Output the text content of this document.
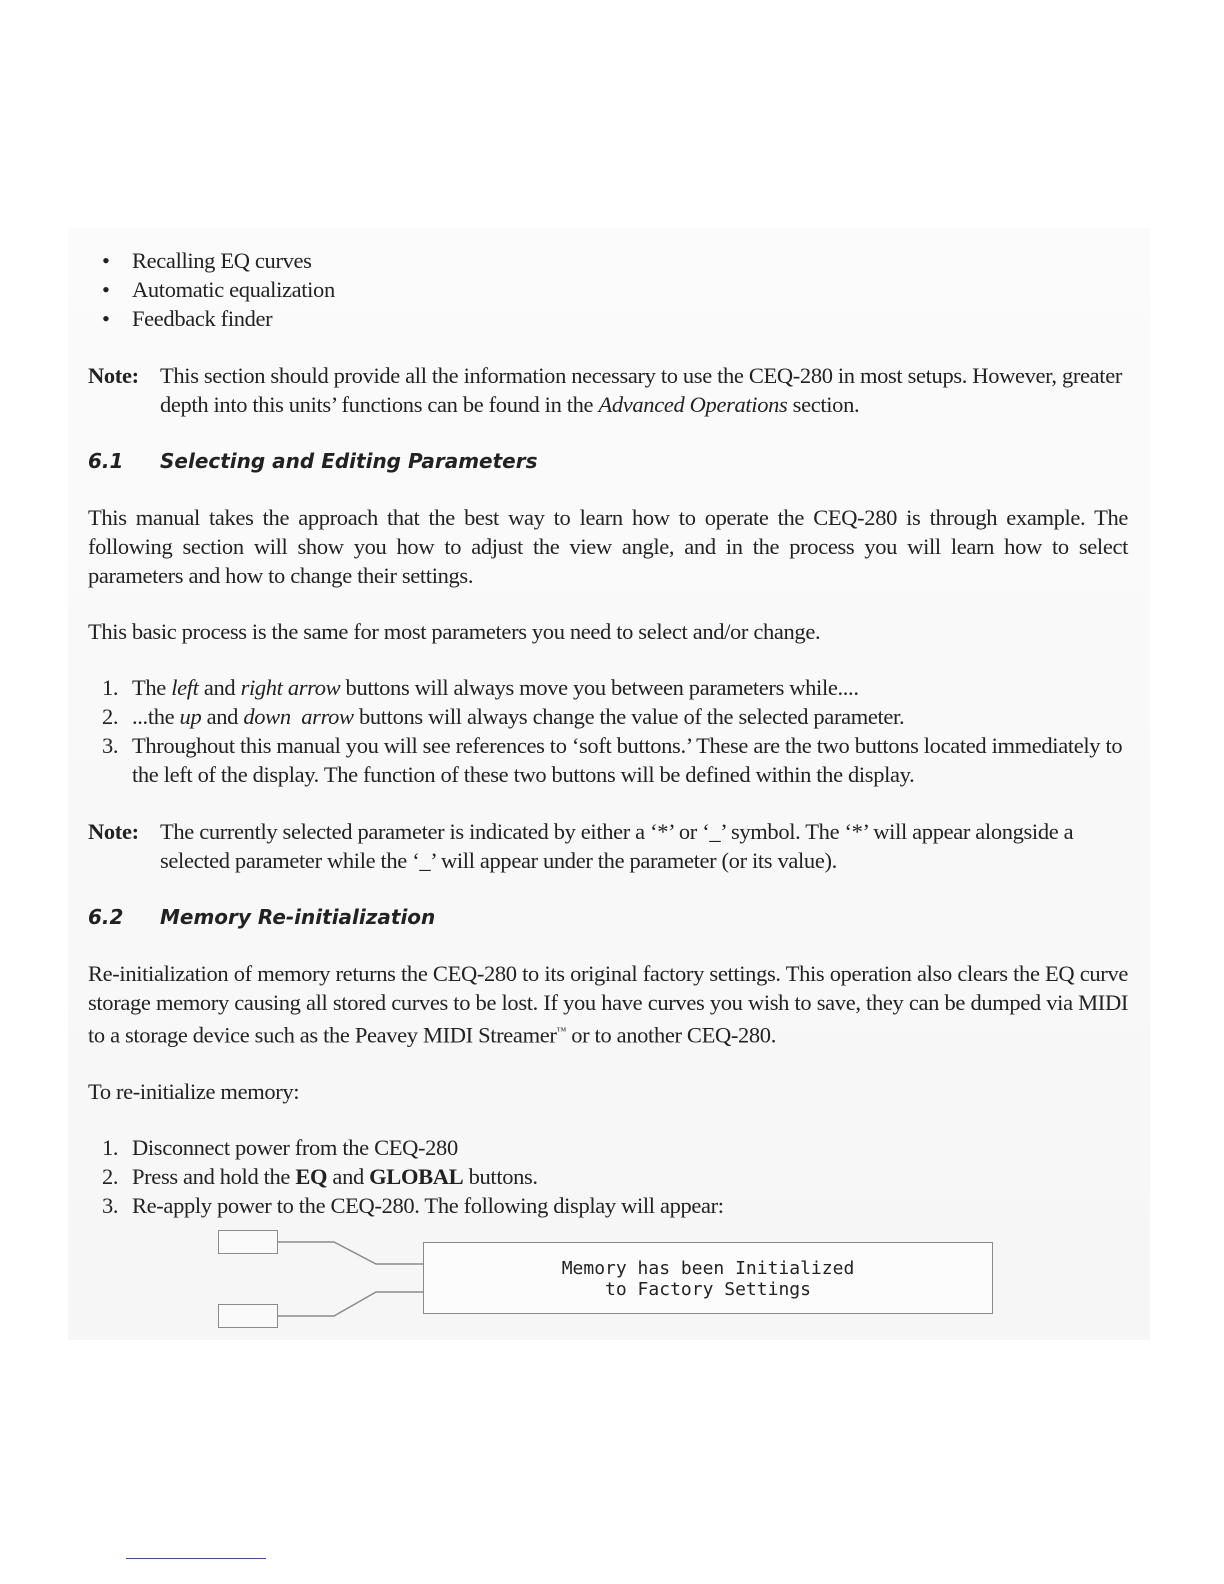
• Recalling EQ curves
• Automatic equalization
• Feedback finder
Note: This section should provide all the information necessary to use the CEQ-280 in most setups. However, greater depth into this units’ functions can be found in the Advanced Operations section.
6.1	Selecting and Editing Parameters
This manual takes the approach that the best way to learn how to operate the CEQ-280 is through example. The following section will show you how to adjust the view angle, and in the process you will learn how to select parameters and how to change their settings.
This basic process is the same for most parameters you need to select and/or change.
1. The left and right arrow buttons will always move you between parameters while....
2. ...the up and down  arrow buttons will always change the value of the selected parameter.
3. Throughout this manual you will see references to ‘soft buttons.’ These are the two buttons located immediately to the left of the display. The function of these two buttons will be defined within the display.
Note: The currently selected parameter is indicated by either a ‘*’ or ‘_’ symbol. The ‘*’ will appear alongside a selected parameter while the ‘_’ will appear under the parameter (or its value).
6.2	Memory Re-initialization
Re-initialization of memory returns the CEQ-280 to its original factory settings. This operation also clears the EQ curve storage memory causing all stored curves to be lost. If you have curves you wish to save, they can be dumped via MIDI to a storage device such as the Peavey MIDI Streamer™ or to another CEQ-280.
To re-initialize memory:
1. Disconnect power from the CEQ-280
2. Press and hold the EQ and GLOBAL buttons.
3. Re-apply power to the CEQ-280. The following display will appear:
Memory has been Initialized
to Factory Settings
